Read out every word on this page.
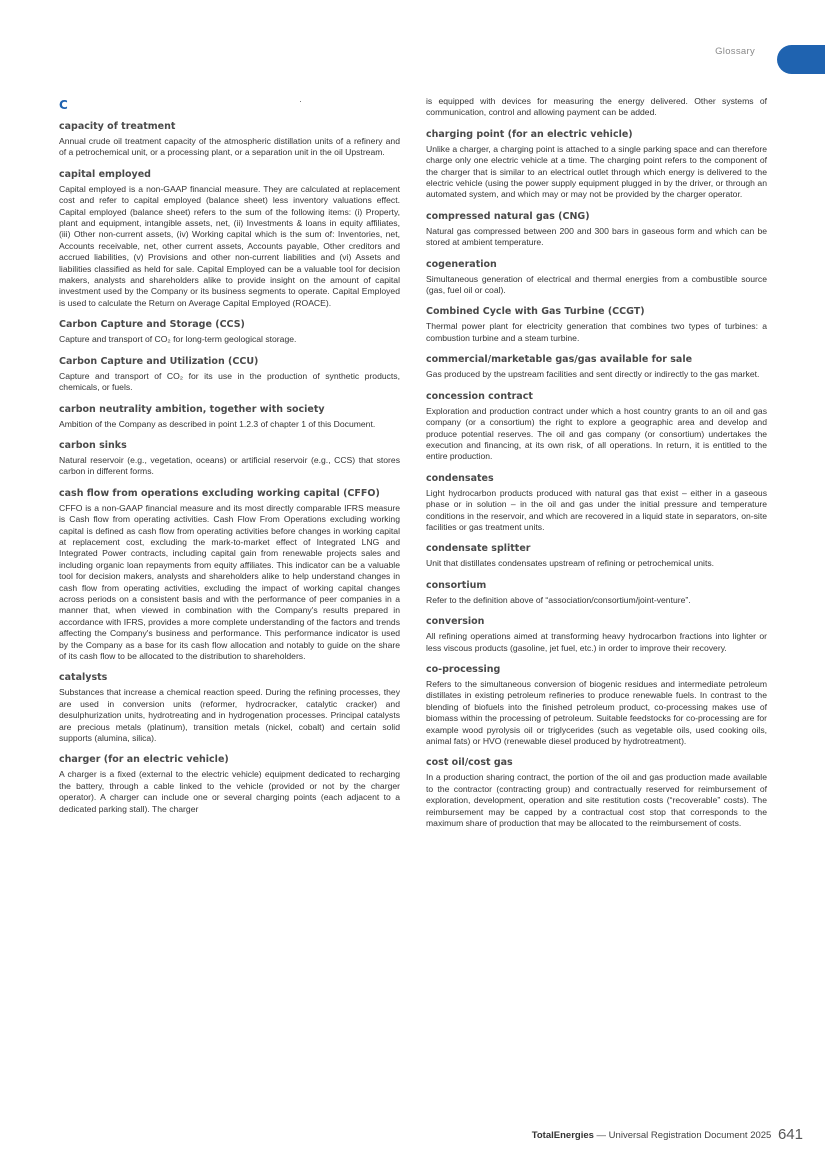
Glossary
C
capacity of treatment

Annual crude oil treatment capacity of the atmospheric distillation units of a refinery and of a petrochemical unit, or a processing plant, or a separation unit in the oil Upstream.

capital employed

Capital employed is a non-GAAP financial measure. They are calculated at replacement cost and refer to capital employed (balance sheet) less inventory valuations effect. Capital employed (balance sheet) refers to the sum of the following items: (i) Property, plant and equipment, intangible assets, net, (ii) Investments & loans in equity affiliates, (iii) Other non-current assets, (iv) Working capital which is the sum of: Inventories, net, Accounts receivable, net, other current assets, Accounts payable, Other creditors and accrued liabilities, (v) Provisions and other non-current liabilities and (vi) Assets and liabilities classified as held for sale. Capital Employed can be a valuable tool for decision makers, analysts and shareholders alike to provide insight on the amount of capital investment used by the Company or its business segments to operate. Capital Employed is used to calculate the Return on Average Capital Employed (ROACE).

Carbon Capture and Storage (CCS)

Capture and transport of CO₂ for long-term geological storage.

Carbon Capture and Utilization (CCU)

Capture and transport of CO₂ for its use in the production of synthetic products, chemicals, or fuels.

carbon neutrality ambition, together with society

Ambition of the Company as described in point 1.2.3 of chapter 1 of this Document.

carbon sinks

Natural reservoir (e.g., vegetation, oceans) or artificial reservoir (e.g., CCS) that stores carbon in different forms.

cash flow from operations excluding working capital (CFFO)

CFFO is a non-GAAP financial measure and its most directly comparable IFRS measure is Cash flow from operating activities. Cash Flow From Operations excluding working capital is defined as cash flow from operating activities before changes in working capital at replacement cost, excluding the mark-to-market effect of Integrated LNG and Integrated Power contracts, including capital gain from renewable projects sales and including organic loan repayments from equity affiliates. This indicator can be a valuable tool for decision makers, analysts and shareholders alike to help understand changes in cash flow from operating activities, excluding the impact of working capital changes across periods on a consistent basis and with the performance of peer companies in a manner that, when viewed in combination with the Company's results prepared in accordance with IFRS, provides a more complete understanding of the factors and trends affecting the Company's business and performance. This performance indicator is used by the Company as a base for its cash flow allocation and notably to guide on the share of its cash flow to be allocated to the distribution to shareholders.

catalysts

Substances that increase a chemical reaction speed. During the refining processes, they are used in conversion units (reformer, hydrocracker, catalytic cracker) and desulphurization units, hydrotreating and in hydrogenation processes. Principal catalysts are precious metals (platinum), transition metals (nickel, cobalt) and certain solid supports (alumina, silica).

charger (for an electric vehicle)

A charger is a fixed (external to the electric vehicle) equipment dedicated to recharging the battery, through a cable linked to the vehicle (provided or not by the charger operator). A charger can include one or several charging points (each adjacent to a dedicated parking stall). The charger

is equipped with devices for measuring the energy delivered. Other systems of communication, control and allowing payment can be added.

charging point (for an electric vehicle)

Unlike a charger, a charging point is attached to a single parking space and can therefore charge only one electric vehicle at a time. The charging point refers to the component of the charger that is similar to an electrical outlet through which energy is delivered to the electric vehicle (using the power supply equipment plugged in by the driver, or through an automated system, and which may or may not be provided by the charger operator.

compressed natural gas (CNG)

Natural gas compressed between 200 and 300 bars in gaseous form and which can be stored at ambient temperature.

cogeneration

Simultaneous generation of electrical and thermal energies from a combustible source (gas, fuel oil or coal).

Combined Cycle with Gas Turbine (CCGT)

Thermal power plant for electricity generation that combines two types of turbines: a combustion turbine and a steam turbine.

commercial/marketable gas/gas available for sale

Gas produced by the upstream facilities and sent directly or indirectly to the gas market.

concession contract

Exploration and production contract under which a host country grants to an oil and gas company (or a consortium) the right to explore a geographic area and develop and produce potential reserves. The oil and gas company (or consortium) undertakes the execution and financing, at its own risk, of all operations. In return, it is entitled to the entire production.

condensates

Light hydrocarbon products produced with natural gas that exist – either in a gaseous phase or in solution – in the oil and gas under the initial pressure and temperature conditions in the reservoir, and which are recovered in a liquid state in separators, on-site facilities or gas treatment units.

condensate splitter

Unit that distillates condensates upstream of refining or petrochemical units.

consortium

Refer to the definition above of “association/consortium/joint-venture”.

conversion

All refining operations aimed at transforming heavy hydrocarbon fractions into lighter or less viscous products (gasoline, jet fuel, etc.) in order to improve their recovery.

co-processing

Refers to the simultaneous conversion of biogenic residues and intermediate petroleum distillates in existing petroleum refineries to produce renewable fuels. In contrast to the blending of biofuels into the finished petroleum product, co-processing makes use of biomass within the processing of petroleum. Suitable feedstocks for co-processing are for example wood pyrolysis oil or triglycerides (such as vegetable oils, used cooking oils, animal fats) or HVO (renewable diesel produced by hydrotreatment).

cost oil/cost gas

In a production sharing contract, the portion of the oil and gas production made available to the contractor (contracting group) and contractually reserved for reimbursement of exploration, development, operation and site restitution costs (“recoverable” costs). The reimbursement may be capped by a contractual cost stop that corresponds to the maximum share of production that may be allocated to the reimbursement of costs.

TotalEnergies — Universal Registration Document 2025 641
